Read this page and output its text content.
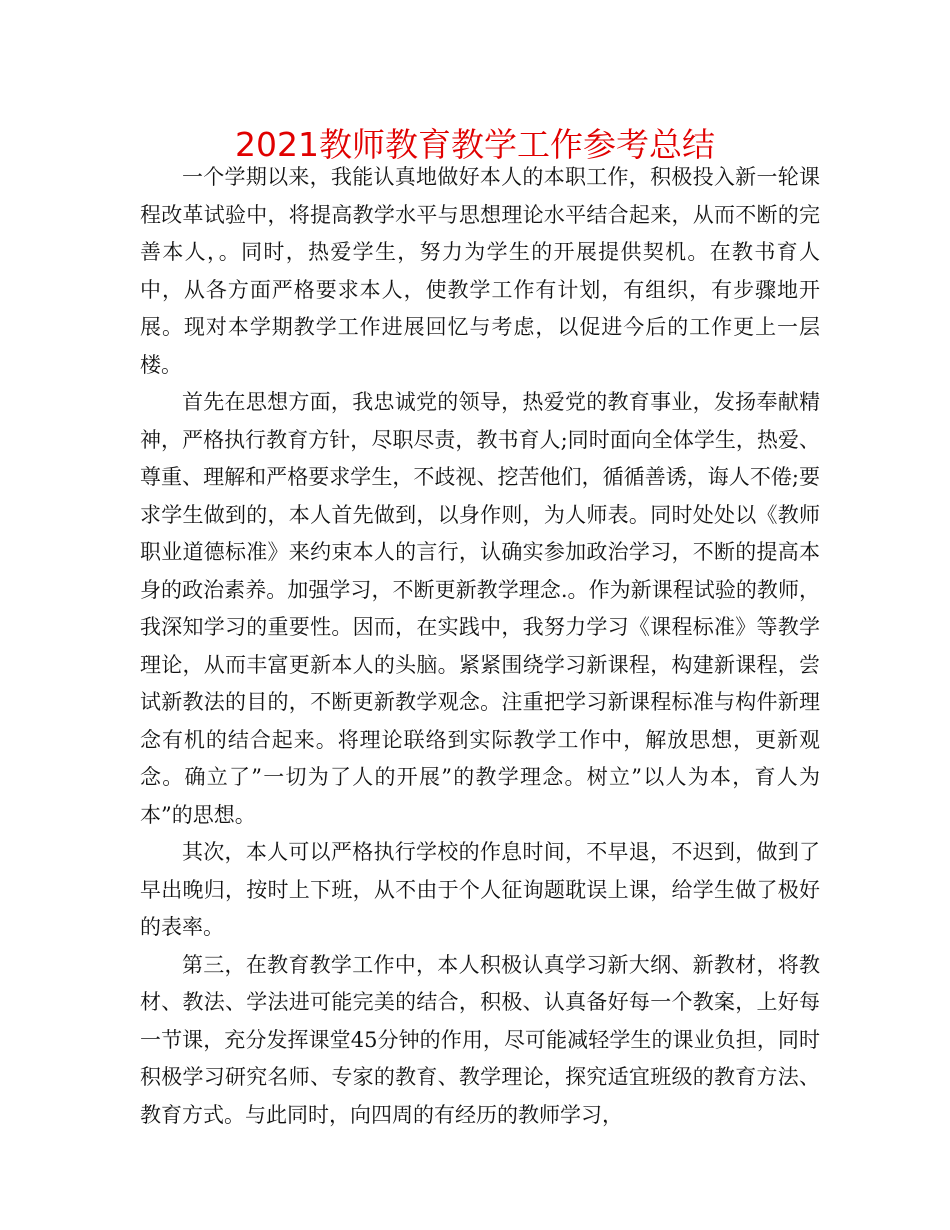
2021教师教育教学工作参考总结

一个学期以来，我能认真地做好本人的本职工作，积极投入新一轮课程改革试验中，将提高教学水平与思想理论水平结合起来，从而不断的完善本人，。同时，热爱学生，努力为学生的开展提供契机。在教书育人中，从各方面严格要求本人，使教学工作有计划，有组织，有步骤地开展。现对本学期教学工作进展回忆与考虑，以促进今后的工作更上一层楼。

首先在思想方面，我忠诚党的领导，热爱党的教育事业，发扬奉献精神，严格执行教育方针，尽职尽责，教书育人;同时面向全体学生，热爱、尊重、理解和严格要求学生，不歧视、挖苦他们，循循善诱，诲人不倦;要求学生做到的，本人首先做到，以身作则，为人师表。同时处处以《教师职业道德标准》来约束本人的言行，认确实参加政治学习，不断的提高本身的政治素养。加强学习，不断更新教学理念.。作为新课程试验的教师，我深知学习的重要性。因而，在实践中，我努力学习《课程标准》等教学理论，从而丰富更新本人的头脑。紧紧围绕学习新课程，构建新课程，尝试新教法的目的，不断更新教学观念。注重把学习新课程标准与构件新理念有机的结合起来。将理论联络到实际教学工作中，解放思想，更新观念。确立了”一切为了人的开展”的教学理念。树立”以人为本，育人为本”的思想。

其次，本人可以严格执行学校的作息时间，不早退，不迟到，做到了早出晚归，按时上下班，从不由于个人征询题耽误上课，给学生做了极好的表率。

第三，在教育教学工作中，本人积极认真学习新大纲、新教材，将教材、教法、学法进可能完美的结合，积极、认真备好每一个教案，上好每一节课，充分发挥课堂45分钟的作用，尽可能减轻学生的课业负担，同时积极学习研究名师、专家的教育、教学理论，探究适宜班级的教育方法、教育方式。与此同时，向四周的有经历的教师学习，
